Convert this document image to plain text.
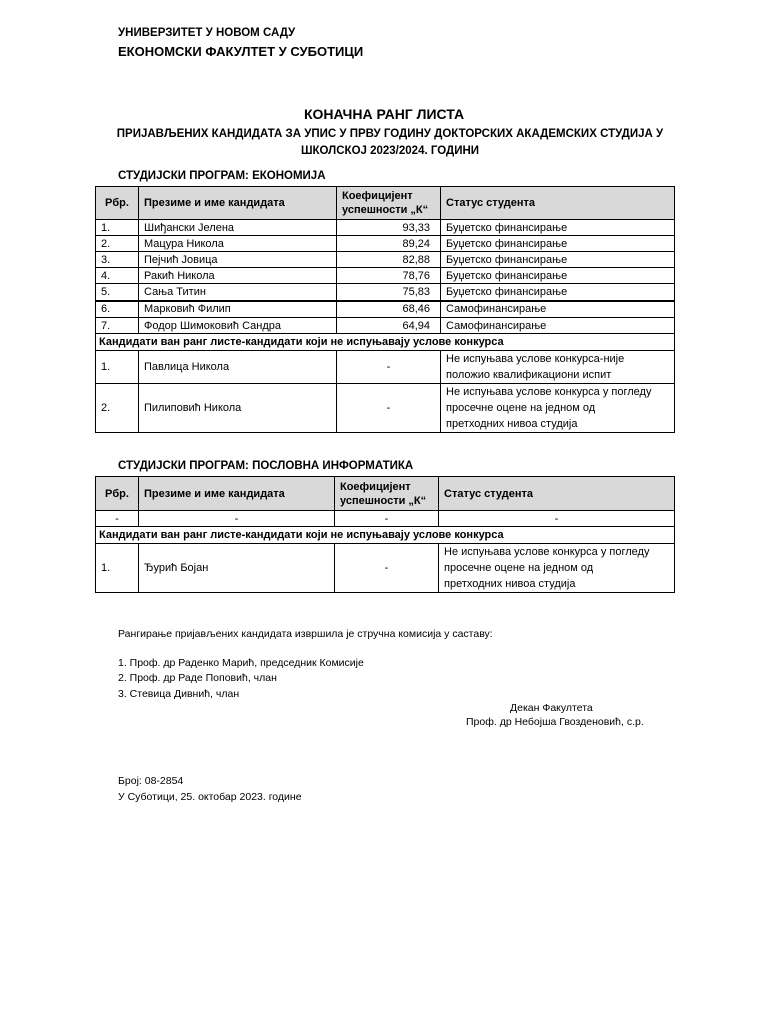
УНИВЕРЗИТЕТ У НОВОМ САДУ
ЕКОНОМСКИ ФАКУЛТЕТ У СУБОТИЦИ
КОНАЧНА РАНГ ЛИСТА
ПРИЈАВЉЕНИХ КАНДИДАТА ЗА УПИС У ПРВУ ГОДИНУ ДОКТОРСКИХ АКАДЕМСКИХ СТУДИЈА У
ШКОЛСКОЈ 2023/2024. ГОДИНИ
СТУДИЈСКИ ПРОГРАМ: ЕКОНОМИЈА
Рбр.	Презиме и име кандидата	Коефицијент
успешности „К“	Статус студента
1.	Шиђански Јелена	93,33	Буџетско финансирање
2.	Мацура Никола	89,24	Буџетско финансирање
3.	Пејчић Јовица	82,88	Буџетско финансирање
4.	Ракић Никола	78,76	Буџетско финансирање
5.	Сања Титин	75,83	Буџетско финансирање
6.	Марковић Филип	68,46	Самофинансирање
7.	Фодор Шимоковић Сандра	64,94	Самофинансирање
Кандидати ван ранг листе-кандидати који не испуњавају услове конкурса			
1.	Павлица Никола	-	Не испуњава услове конкурса-није
положио квалификациони испит

2.	Пилиповић Никола	-	Не испуњава услове конкурса у погледу
просечне оцене на једном од
претходних нивоа студија
СТУДИЈСКИ ПРОГРАМ: ПОСЛОВНА ИНФОРМАТИКА
Рбр.	Презиме и име кандидата	Коефицијент
успешности „К“	Статус студента
-	-	-	-
Кандидати ван ранг листе-кандидати који не испуњавају услове конкурса			
1.	Ђурић Бојан	-	Не испуњава услове конкурса у погледу
просечне оцене на једном од
претходних нивоа студија
Рангирање пријављених кандидата извршила је стручна комисија у саставу:
1. Проф. др Раденко Марић, председник Комисије
2. Проф. др Раде Поповић, члан
3. Стевица Дивнић, члан
Декан Факултета
Проф. др Небојша Гвозденовић, с.р.
Број: 08-2854
У Суботици, 25. oктобар 2023. године
